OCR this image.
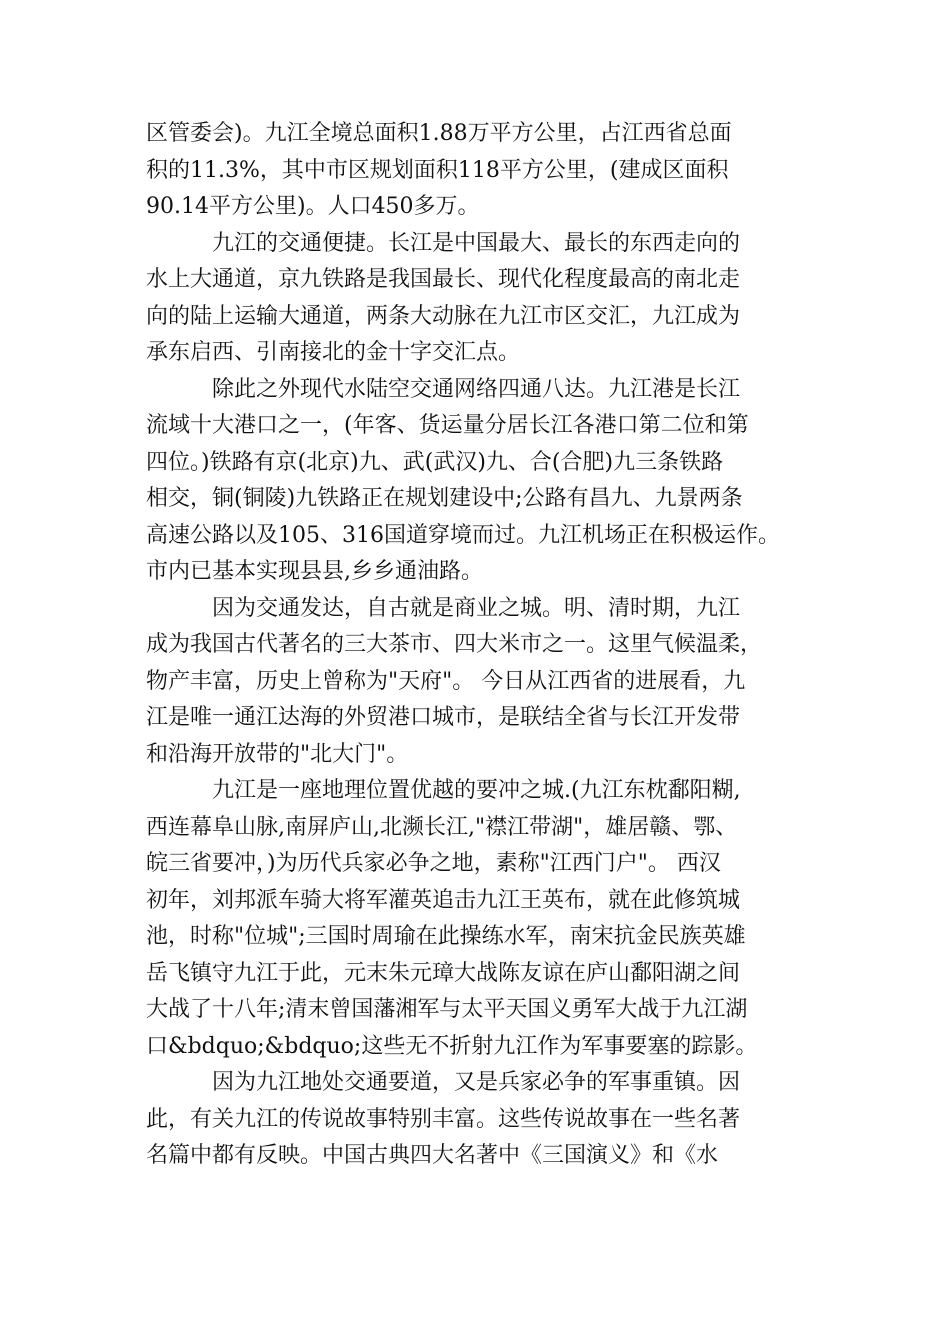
区管委会)。九江全境总面积1.88万平方公里，占江西省总面
积的11.3%，其中市区规划面积118平方公里，(建成区面积
90.14平方公里)。人口450多万。
九江的交通便捷。长江是中国最大、最长的东西走向的
水上大通道，京九铁路是我国最长、现代化程度最高的南北走
向的陆上运输大通道，两条大动脉在九江市区交汇，九江成为
承东启西、引南接北的金十字交汇点。
除此之外现代水陆空交通网络四通八达。九江港是长江
流域十大港口之一，(年客、货运量分居长江各港口第二位和第
四位。)铁路有京(北京)九、武(武汉)九、合(合肥)九三条铁路
相交，铜(铜陵)九铁路正在规划建设中;公路有昌九、九景两条
高速公路以及105、316国道穿境而过。九江机场正在积极运作。
市内已基本实现县县,乡乡通油路。
因为交通发达，自古就是商业之城。明、清时期，九江
成为我国古代著名的三大茶市、四大米市之一。这里气候温柔，
物产丰富，历史上曾称为"天府"。 今日从江西省的进展看，九
江是唯一通江达海的外贸港口城市，是联结全省与长江开发带
和沿海开放带的"北大门"。
九江是一座地理位置优越的要冲之城.(九江东枕鄱阳糊,
西连幕阜山脉,南屏庐山,北濒长江,"襟江带湖"，雄居赣、鄂、
皖三省要冲，)为历代兵家必争之地，素称"江西门户"。 西汉
初年，刘邦派车骑大将军灌英追击九江王英布，就在此修筑城
池，时称"位城";三国时周瑜在此操练水军，南宋抗金民族英雄
岳飞镇守九江于此，元末朱元璋大战陈友谅在庐山鄱阳湖之间
大战了十八年;清末曾国藩湘军与太平天国义勇军大战于九江湖
口&bdquo;&bdquo;这些无不折射九江作为军事要塞的踪影。
因为九江地处交通要道，又是兵家必争的军事重镇。因
此，有关九江的传说故事特别丰富。这些传说故事在一些名著
名篇中都有反映。中国古典四大名著中《三国演义》和《水
